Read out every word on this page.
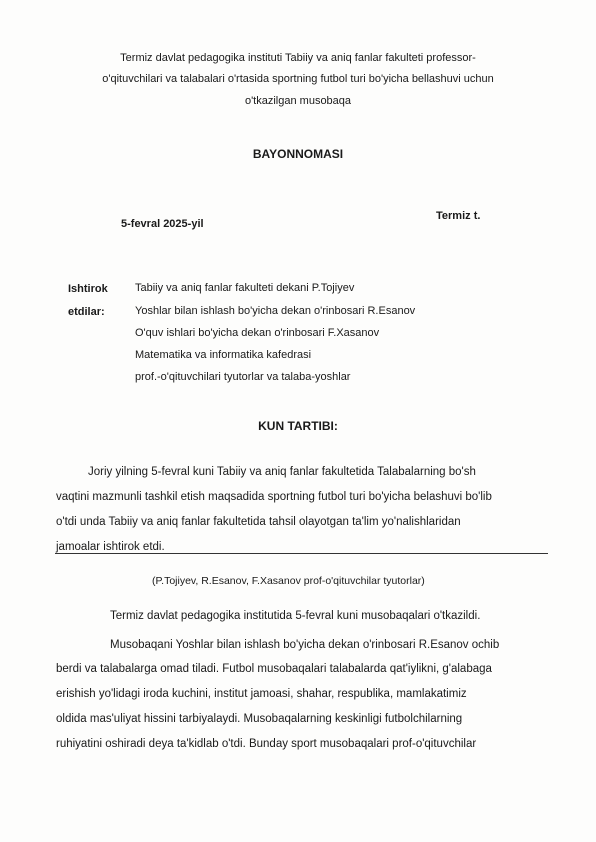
Termiz davlat pedagogika instituti Tabiiy va aniq fanlar fakulteti professor-
o'qituvchilari va talabalari o'rtasida sportning futbol turi bo'yicha bellashuvi uchun
o'tkazilgan musobaqa
BAYONNOMASI
5-fevral 2025-yil
Termiz t.
Ishtirok
etdilar:
Tabiiy va aniq fanlar fakulteti dekani P.Tojiyev
Yoshlar bilan ishlash bo'yicha dekan o'rinbosari R.Esanov
O'quv ishlari bo'yicha dekan o'rinbosari F.Xasanov
Matematika va informatika kafedrasi
prof.-o'qituvchilari tyutorlar va talaba-yoshlar
KUN TARTIBI:
Joriy yilning 5-fevral kuni Tabiiy va aniq fanlar fakultetida Talabalarning bo'sh
vaqtini mazmunli tashkil etish maqsadida sportning futbol turi bo'yicha belashuvi bo'lib
o'tdi unda Tabiiy va aniq fanlar fakultetida tahsil olayotgan ta'lim yo'nalishlaridan
jamoalar ishtirok etdi.
(P.Tojiyev, R.Esanov, F.Xasanov prof-o'qituvchilar tyutorlar)
Termiz davlat pedagogika institutida 5-fevral kuni musobaqalari o'tkazildi.
Musobaqani Yoshlar bilan ishlash bo'yicha dekan o'rinbosari R.Esanov ochib
berdi va talabalarga omad tiladi. Futbol musobaqalari talabalarda qat'iylikni, g'alabaga
erishish yo'lidagi iroda kuchini, institut jamoasi, shahar, respublika, mamlakatimiz
oldida mas'uliyat hissini tarbiyalaydi. Musobaqalarning keskinligi futbolchilarning
ruhiyatini oshiradi deya ta'kidlab o'tdi. Bunday sport musobaqalari prof-o'qituvchilar
